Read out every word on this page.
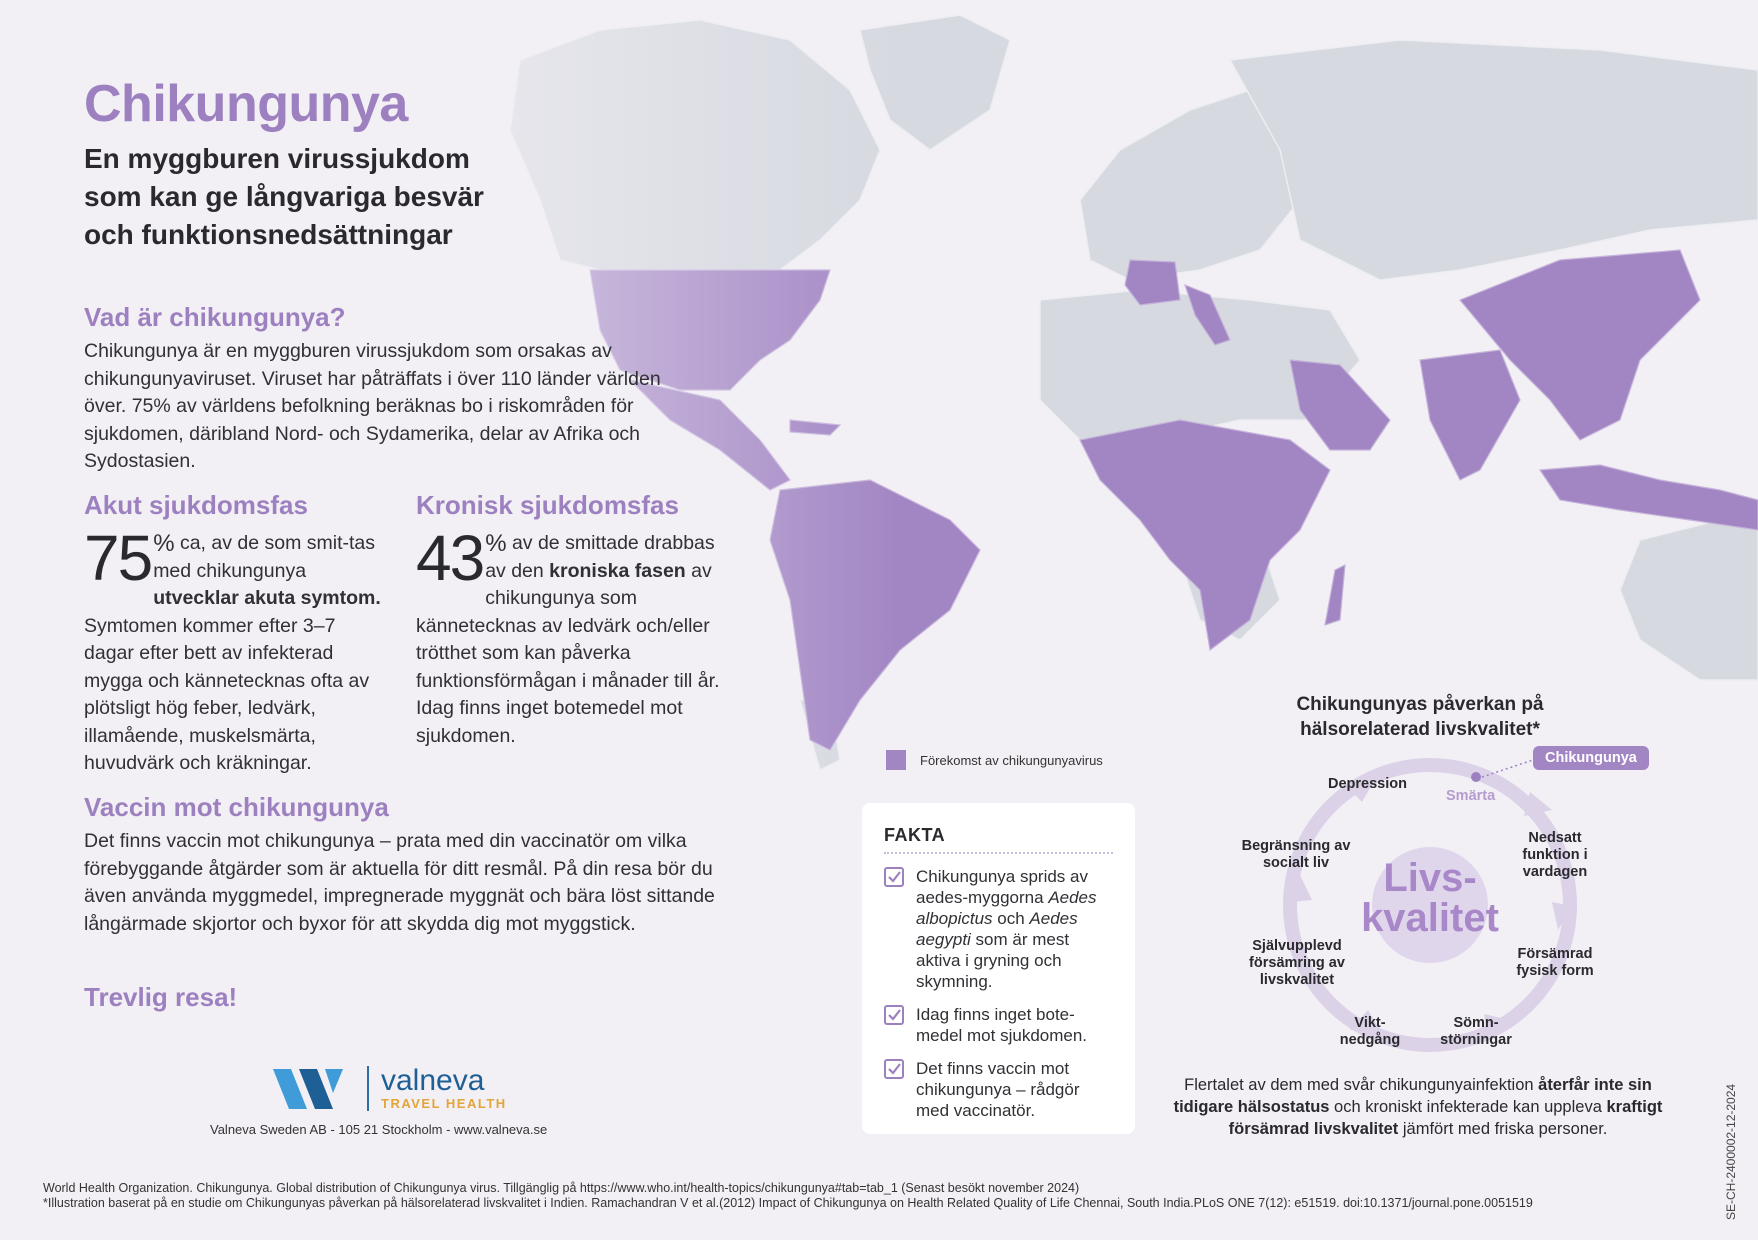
Chikungunya
En myggburen virussjukdom
som kan ge långvariga besvär
och funktionsnedsättningar
Vad är chikungunya?
Chikungunya är en myggburen virussjukdom som orsakas av chikungunyaviruset. Viruset har påträffats i över 110 länder världen över. 75% av världens befolkning beräknas bo i riskområden för sjukdomen, däribland Nord- och Sydamerika, delar av Afrika och Sydostasien.
Akut sjukdomsfas
75 % ca, av de som smit-tas med chikungunya utvecklar akuta symtom. Symtomen kommer efter 3–7 dagar efter bett av infekterad mygga och kännetecknas ofta av plötsligt hög feber, ledvärk, illamående, muskelsmärta, huvudvärk och kräkningar.
Kronisk sjukdomsfas
43 % av de smittade drabbas av den kroniska fasen av chikungunya som kännetecknas av ledvärk och/eller trötthet som kan påverka funktionsförmågan i månader till år. Idag finns inget botemedel mot sjukdomen.
Vaccin mot chikungunya
Det finns vaccin mot chikungunya – prata med din vaccinatör om vilka förebyggande åtgärder som är aktuella för ditt resmål. På din resa bör du även använda myggmedel, impregnerade myggnät och bära löst sittande långärmade skjortor och byxor för att skydda dig mot myggstick.
Trevlig resa!
Förekomst av chikungunyavirus
FAKTA
Chikungunya sprids av aedes-myggorna Aedes albopictus och Aedes aegypti som är mest aktiva i gryning och skymning.
Idag finns inget bote-medel mot sjukdomen.
Det finns vaccin mot chikungunya – rådgör med vaccinatör.
Chikungunyas påverkan på
hälsorelaterad livskvalitet*
Chikungunya
Livs-
kvalitet
Smärta
Nedsatt funktion i vardagen
Försämrad fysisk form
Sömn-störningar
Vikt-nedgång
Självupplevd försämring av livskvalitet
Begränsning av socialt liv
Depression
Flertalet av dem med svår chikungunyainfektion återfår inte sin tidigare hälsostatus och kroniskt infekterade kan uppleva kraftigt försämrad livskvalitet jämfört med friska personer.
valneva
TRAVEL HEALTH
Valneva Sweden AB - 105 21 Stockholm - www.valneva.se
World Health Organization. Chikungunya. Global distribution of Chikungunya virus. Tillgänglig på https://www.who.int/health-topics/chikungunya#tab=tab_1 (Senast besökt november 2024)
*Illustration baserat på en studie om Chikungunyas påverkan på hälsorelaterad livskvalitet i Indien. Ramachandran V et al.(2012) Impact of Chikungunya on Health Related Quality of Life Chennai, South India.PLoS ONE 7(12): e51519. doi:10.1371/journal.pone.0051519	SE-CH-2400002-12-2024
